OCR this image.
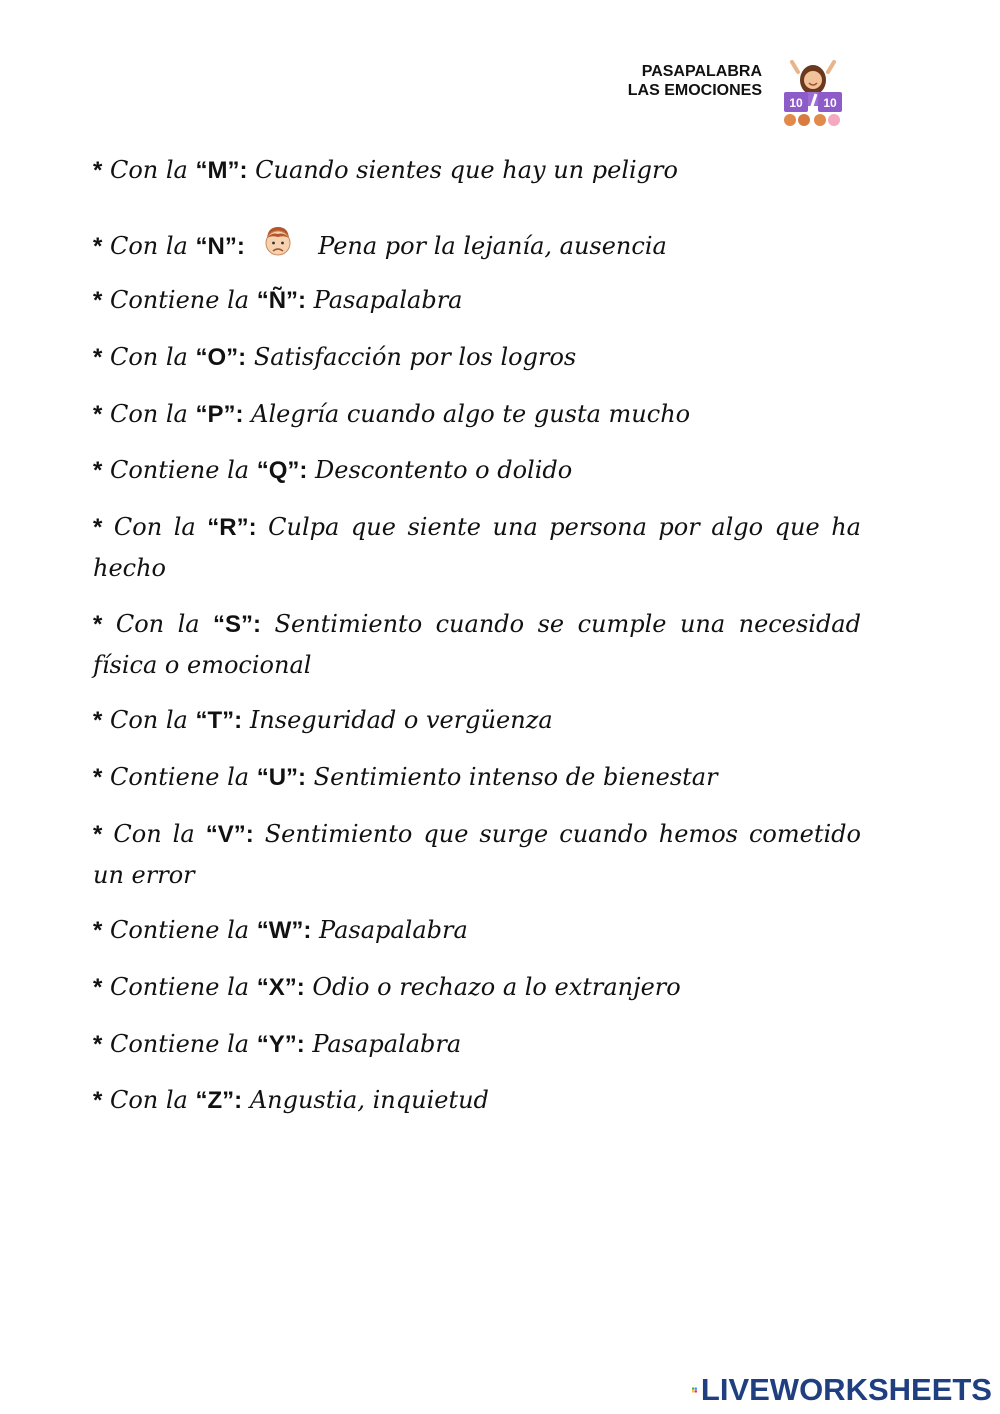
PASAPALABRA
LAS EMOCIONES
10 10
* Con la “M”: Cuando sientes que hay un peligro
* Con la “N”:	Pena por la lejanía, ausencia
* Contiene la “Ñ”: Pasapalabra
* Con la “O”: Satisfacción por los logros
* Con la “P”: Alegría cuando algo te gusta mucho
* Contiene la “Q”: Descontento o dolido
* Con la “R”: Culpa que siente una persona por algo que ha hecho
* Con la “S”: Sentimiento cuando se cumple una necesidad física o emocional
* Con la “T”: Inseguridad o vergüenza
* Contiene la “U”: Sentimiento intenso de bienestar
* Con la “V”: Sentimiento que surge cuando hemos cometido un error
* Contiene la “W”: Pasapalabra
* Contiene la “X”: Odio o rechazo a lo extranjero
* Contiene la “Y”: Pasapalabra
* Con la “Z”: Angustia, inquietud
LIVEWORKSHEETS
